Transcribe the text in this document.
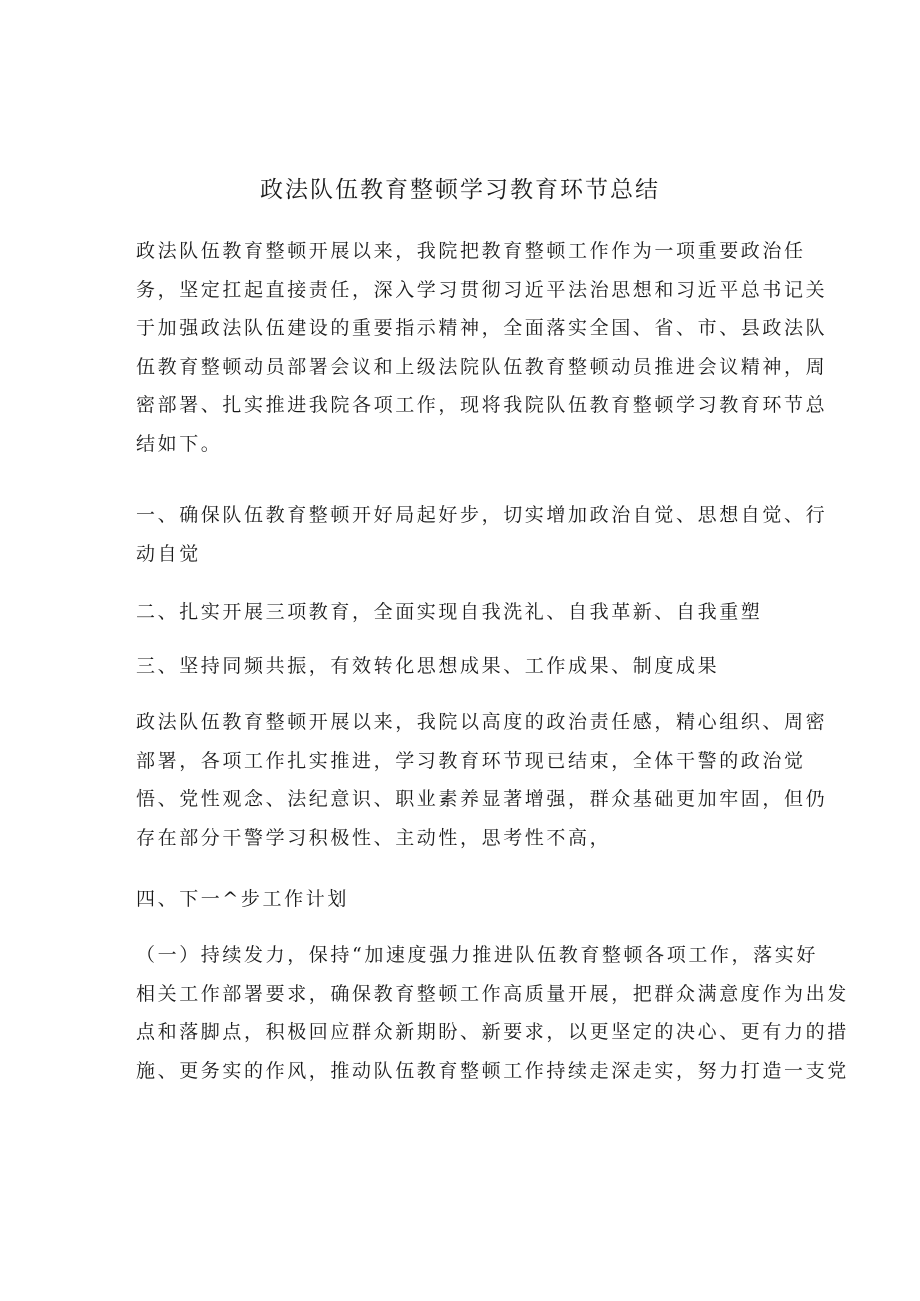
政法队伍教育整顿学习教育环节总结

政法队伍教育整顿开展以来，我院把教育整顿工作作为一项重要政治任
务，坚定扛起直接责任，深入学习贯彻习近平法治思想和习近平总书记关
于加强政法队伍建设的重要指示精神，全面落实全国、省、市、县政法队
伍教育整顿动员部署会议和上级法院队伍教育整顿动员推进会议精神，周
密部署、扎实推进我院各项工作，现将我院队伍教育整顿学习教育环节总
结如下。

一、确保队伍教育整顿开好局起好步，切实增加政治自觉、思想自觉、行
动自觉

二、扎实开展三项教育，全面实现自我洗礼、自我革新、自我重塑

三、坚持同频共振，有效转化思想成果、工作成果、制度成果

政法队伍教育整顿开展以来，我院以高度的政治责任感，精心组织、周密
部署，各项工作扎实推进，学习教育环节现已结束，全体干警的政治觉
悟、党性观念、法纪意识、职业素养显著增强，群众基础更加牢固，但仍
存在部分干警学习积极性、主动性，思考性不高，

四、下一^步工作计划

（一）持续发力，保持“加速度强力推进队伍教育整顿各项工作，落实好
相关工作部署要求，确保教育整顿工作高质量开展，把群众满意度作为出发
点和落脚点，积极回应群众新期盼、新要求，以更坚定的决心、更有力的措
施、更务实的作风，推动队伍教育整顿工作持续走深走实，努力打造一支党
